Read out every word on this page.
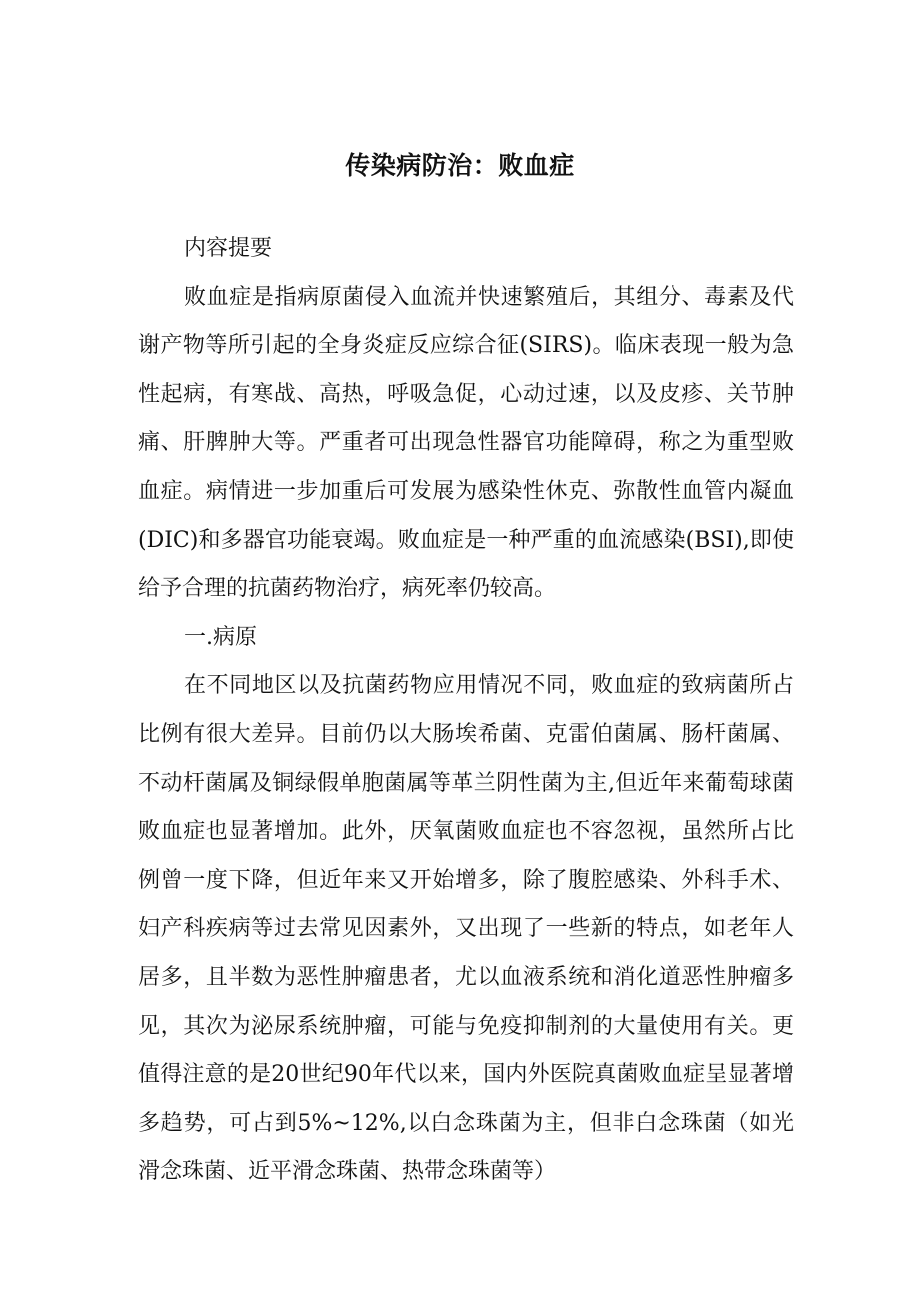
传染病防治：败血症

内容提要

败血症是指病原菌侵入血流并快速繁殖后，其组分、毒素及代谢产物等所引起的全身炎症反应综合征(SIRS)。临床表现一般为急性起病，有寒战、高热，呼吸急促，心动过速，以及皮疹、关节肿痛、肝脾肿大等。严重者可出现急性器官功能障碍，称之为重型败血症。病情进一步加重后可发展为感染性休克、弥散性血管内凝血(DIC)和多器官功能衰竭。败血症是一种严重的血流感染(BSI),即使给予合理的抗菌药物治疗，病死率仍较高。

一.病原

在不同地区以及抗菌药物应用情况不同，败血症的致病菌所占比例有很大差异。目前仍以大肠埃希菌、克雷伯菌属、肠杆菌属、不动杆菌属及铜绿假单胞菌属等革兰阴性菌为主,但近年来葡萄球菌败血症也显著增加。此外，厌氧菌败血症也不容忽视，虽然所占比例曾一度下降，但近年来又开始增多，除了腹腔感染、外科手术、妇产科疾病等过去常见因素外，又出现了一些新的特点，如老年人居多，且半数为恶性肿瘤患者，尤以血液系统和消化道恶性肿瘤多见，其次为泌尿系统肿瘤，可能与免疫抑制剂的大量使用有关。更值得注意的是20世纪90年代以来，国内外医院真菌败血症呈显著增多趋势，可占到5%~12%,以白念珠菌为主，但非白念珠菌（如光滑念珠菌、近平滑念珠菌、热带念珠菌等）
